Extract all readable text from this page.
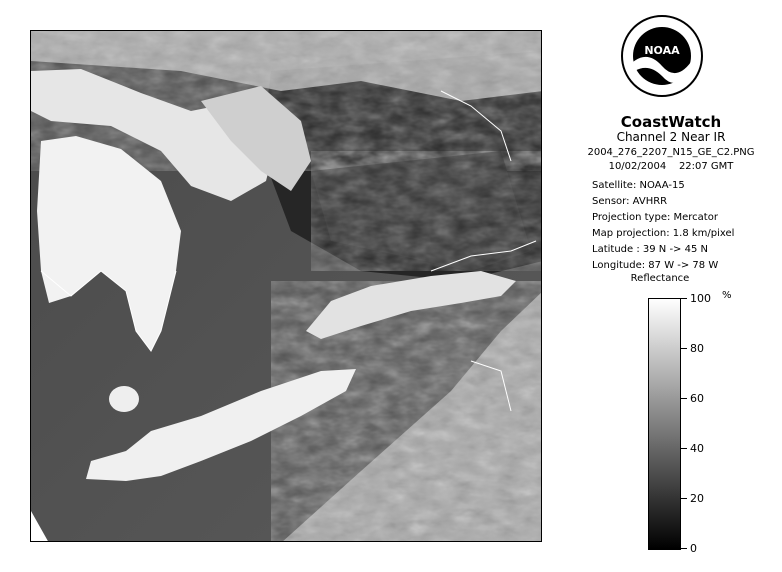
NOAA
CoastWatch
Channel 2 Near IR
2004_276_2207_N15_GE_C2.PNG
10/02/2004 22:07 GMT
Satellite: NOAA-15
Sensor: AVHRR
Projection type: Mercator
Map projection: 1.8 km/pixel
Latitude : 39 N -> 45 N
Longitude: 87 W -> 78 W
Reflectance
%
100
80
60
40
20
0
